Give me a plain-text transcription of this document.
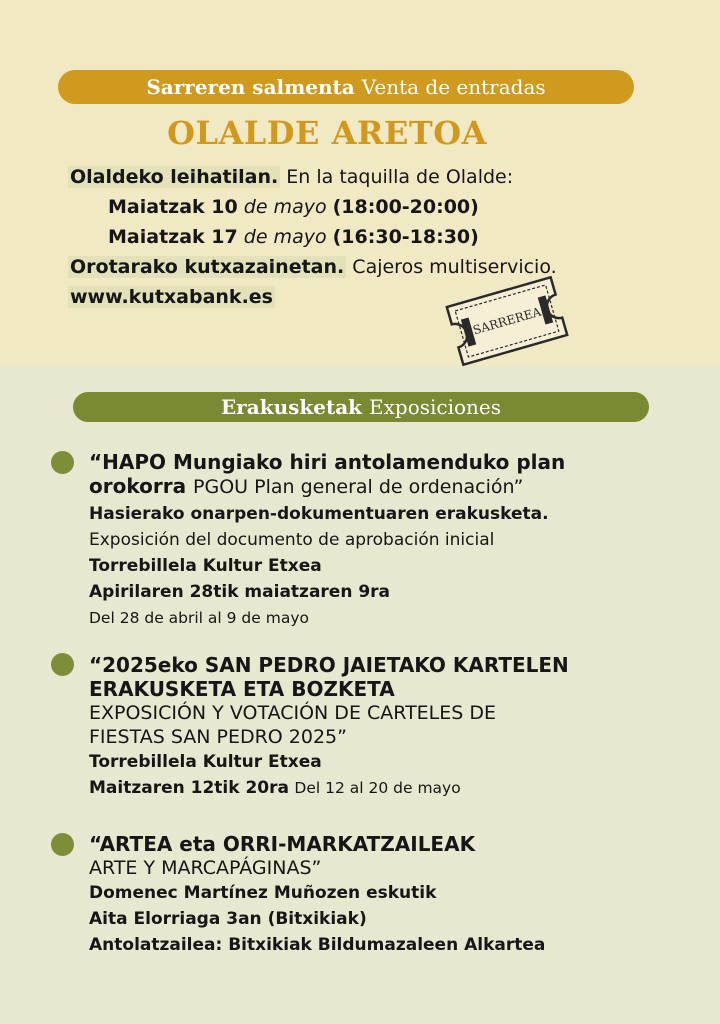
Sarreren salmenta Venta de entradas
OLALDE ARETOA
Olaldeko leihatilan. En la taquilla de Olalde:
Maiatzak 10 de mayo (18:00-20:00)
Maiatzak 17 de mayo (16:30-18:30)
Orotarako kutxazainetan. Cajeros multiservicio.
www.kutxabank.es
SARREREA
Erakusketak Exposiciones
“HAPO Mungiako hiri antolamenduko plan
orokorra PGOU Plan general de ordenación”
Hasierako onarpen-dokumentuaren erakusketa.
Exposición del documento de aprobación inicial
Torrebillela Kultur Etxea
Apirilaren 28tik maiatzaren 9ra
Del 28 de abril al 9 de mayo
“2025eko SAN PEDRO JAIETAKO KARTELEN
ERAKUSKETA ETA BOZKETA
EXPOSICIÓN Y VOTACIÓN DE CARTELES DE
FIESTAS SAN PEDRO 2025”
Torrebillela Kultur Etxea
Maitzaren 12tik 20ra Del 12 al 20 de mayo
“ARTEA eta ORRI-MARKATZAILEAK
ARTE Y MARCAPÁGINAS”
Domenec Martínez Muñozen eskutik
Aita Elorriaga 3an (Bitxikiak)
Antolatzailea: Bitxikiak Bildumazaleen Alkartea
